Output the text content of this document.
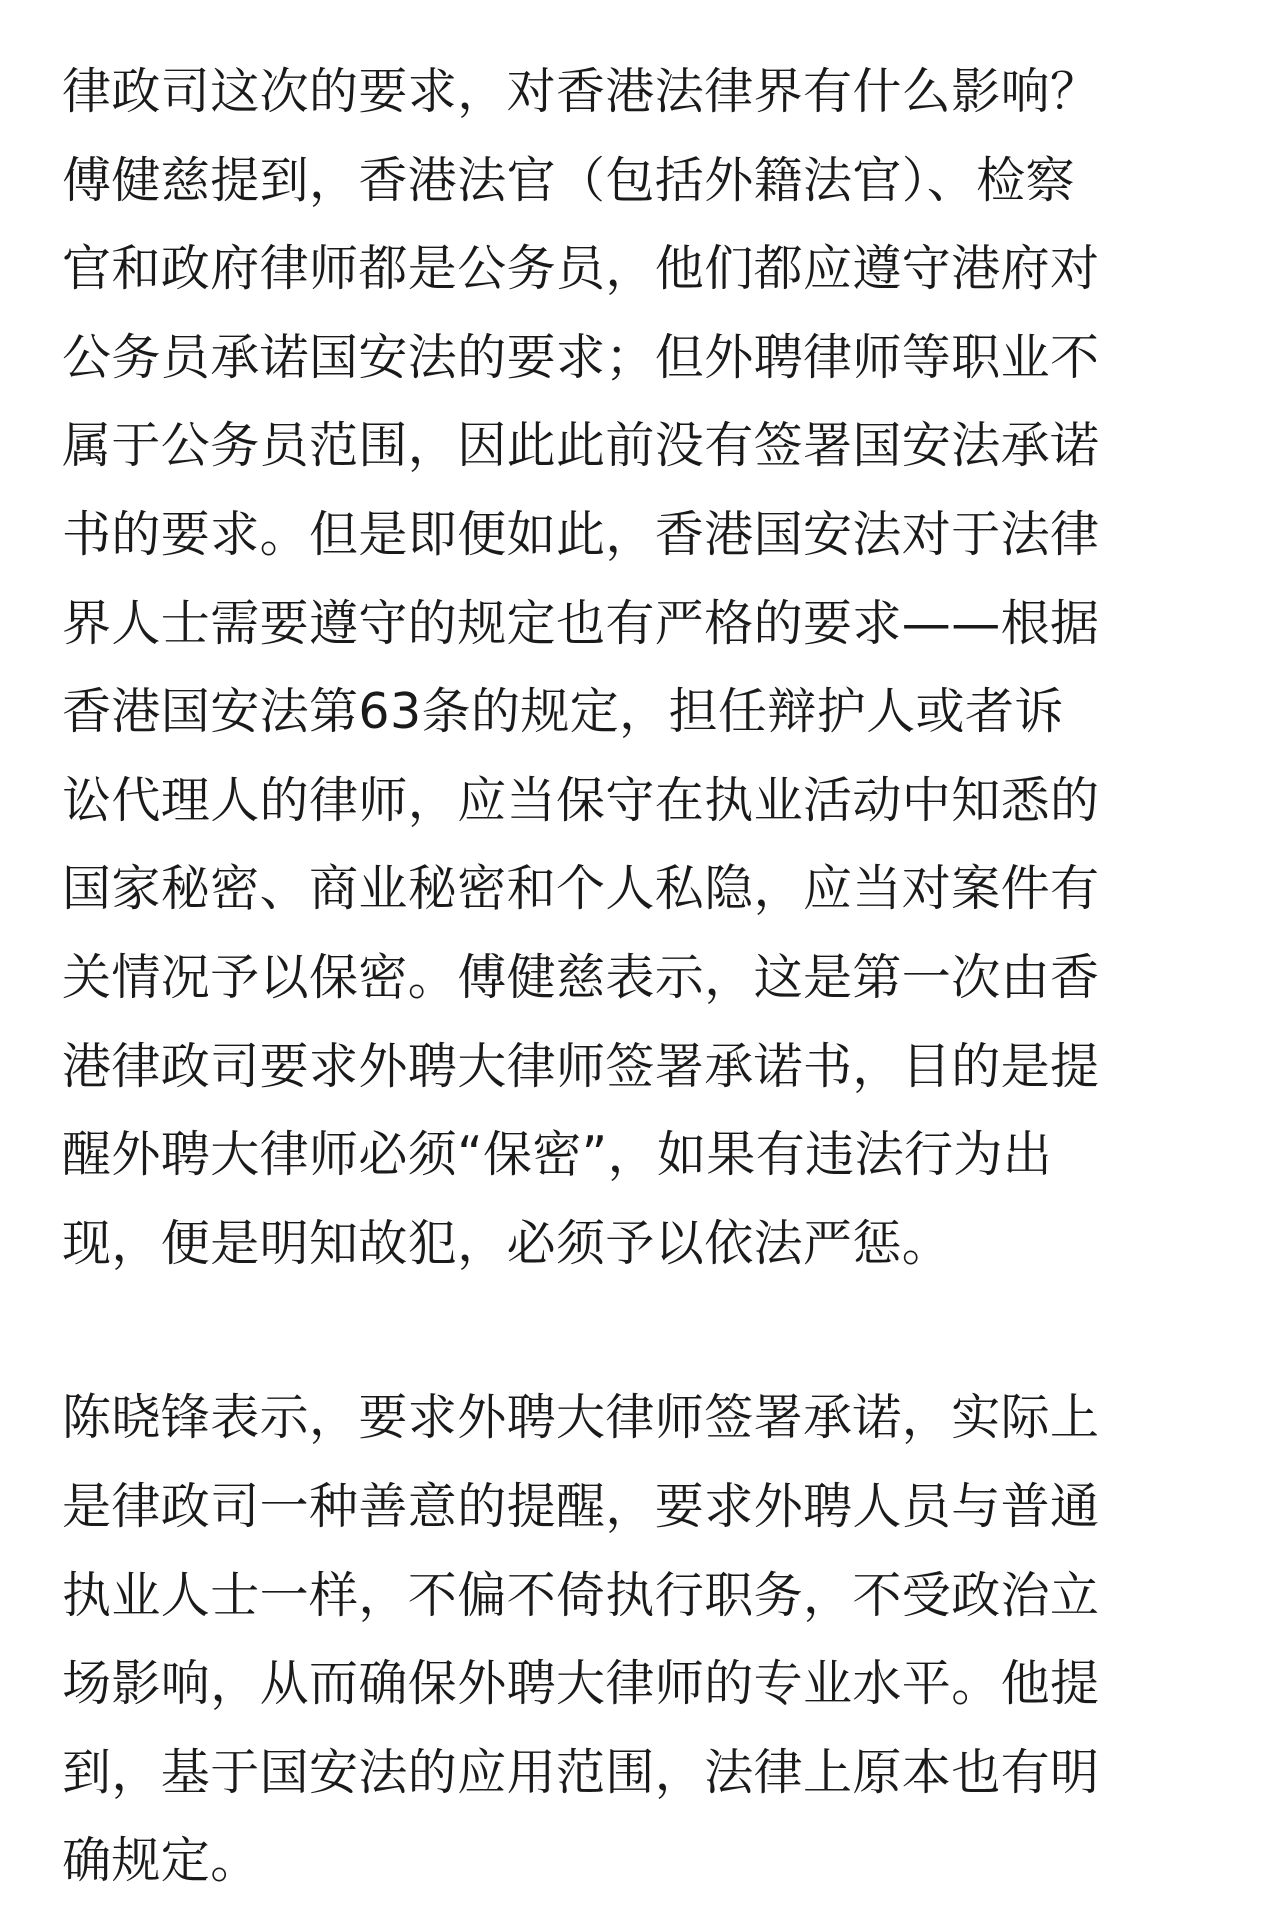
律政司这次的要求，对香港法律界有什么影响？
傅健慈提到，香港法官（包括外籍法官）、检察
官和政府律师都是公务员，他们都应遵守港府对
公务员承诺国安法的要求；但外聘律师等职业不
属于公务员范围，因此此前没有签署国安法承诺
书的要求。但是即便如此，香港国安法对于法律
界人士需要遵守的规定也有严格的要求——根据
香港国安法第63条的规定，担任辩护人或者诉
讼代理人的律师，应当保守在执业活动中知悉的
国家秘密、商业秘密和个人私隐，应当对案件有
关情况予以保密。傅健慈表示，这是第一次由香
港律政司要求外聘大律师签署承诺书，目的是提
醒外聘大律师必须“保密”，如果有违法行为出
现，便是明知故犯，必须予以依法严惩。

陈晓锋表示，要求外聘大律师签署承诺，实际上
是律政司一种善意的提醒，要求外聘人员与普通
执业人士一样，不偏不倚执行职务，不受政治立
场影响，从而确保外聘大律师的专业水平。他提
到，基于国安法的应用范围，法律上原本也有明
确规定。
